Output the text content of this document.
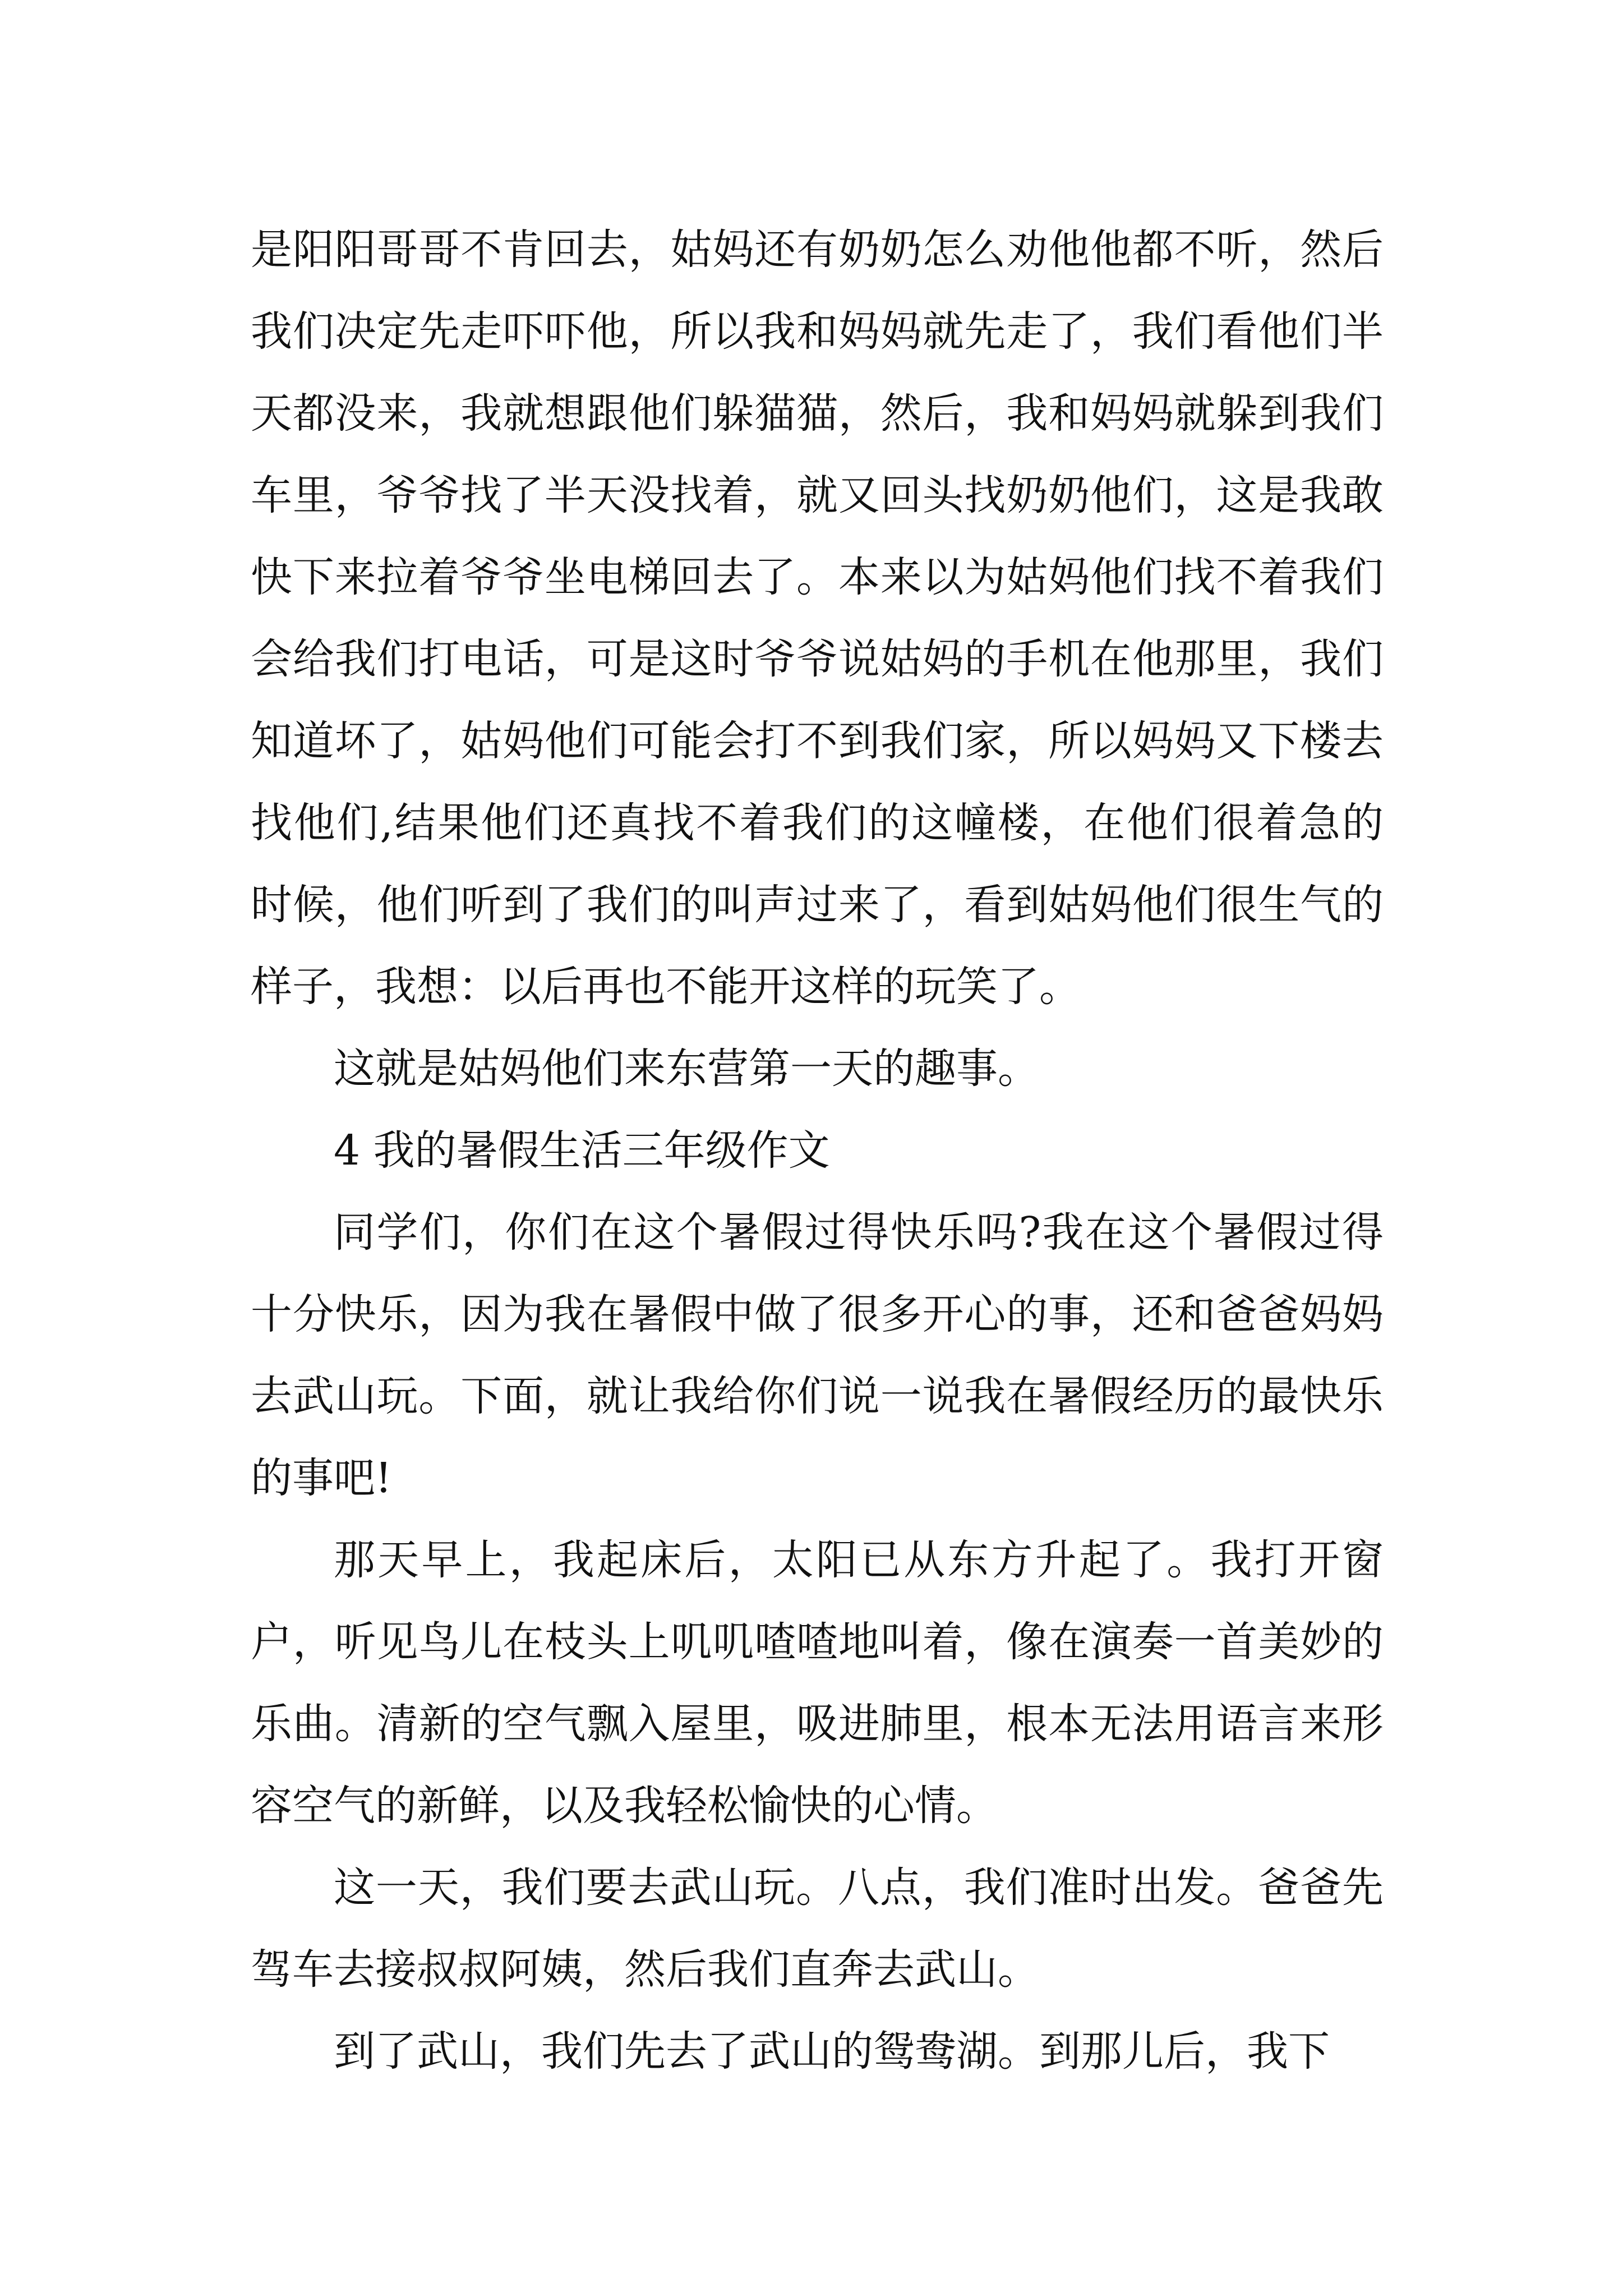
是阳阳哥哥不肯回去，姑妈还有奶奶怎么劝他他都不听，然后我们决定先走吓吓他，所以我和妈妈就先走了，我们看他们半天都没来，我就想跟他们躲猫猫，然后，我和妈妈就躲到我们车里，爷爷找了半天没找着，就又回头找奶奶他们，这是我敢快下来拉着爷爷坐电梯回去了。本来以为姑妈他们找不着我们会给我们打电话，可是这时爷爷说姑妈的手机在他那里，我们知道坏了，姑妈他们可能会打不到我们家，所以妈妈又下楼去找他们,结果他们还真找不着我们的这幢楼，在他们很着急的时候，他们听到了我们的叫声过来了，看到姑妈他们很生气的样子，我想：以后再也不能开这样的玩笑了。

这就是姑妈他们来东营第一天的趣事。

4 我的暑假生活三年级作文

同学们，你们在这个暑假过得快乐吗?我在这个暑假过得十分快乐，因为我在暑假中做了很多开心的事，还和爸爸妈妈去武山玩。下面，就让我给你们说一说我在暑假经历的最快乐的事吧!

那天早上，我起床后，太阳已从东方升起了。我打开窗户，听见鸟儿在枝头上叽叽喳喳地叫着，像在演奏一首美妙的乐曲。清新的空气飘入屋里，吸进肺里，根本无法用语言来形容空气的新鲜，以及我轻松愉快的心情。

这一天，我们要去武山玩。八点，我们准时出发。爸爸先驾车去接叔叔阿姨，然后我们直奔去武山。

到了武山，我们先去了武山的鸳鸯湖。到那儿后，我下
